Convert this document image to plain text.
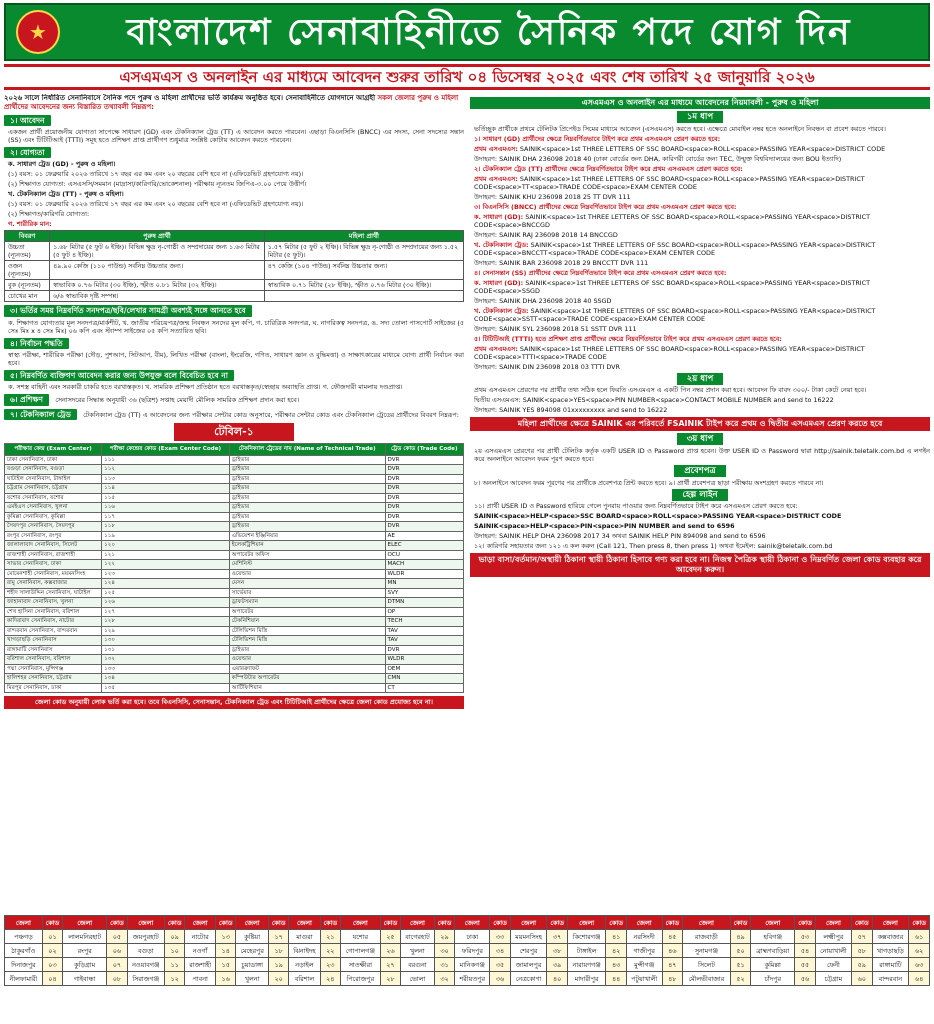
★	বাংলাদেশ সেনাবাহিনীতে সৈনিক পদে যোগ দিন
এসএমএস ও অনলাইন এর মাধ্যমে আবেদন শুরুর তারিখ ০৪ ডিসেম্বর ২০২৫ এবং শেষ তারিখ ২৫ জানুয়ারি ২০২৬
২০২৬ সালে নির্ধারিত সেনানিবাসে সৈনিক পদে পুরুষ ও মহিলা প্রার্থীদের ভর্তি কার্যক্রম অনুষ্ঠিত হবে। সেনাবাহিনীতে যোগদানে আগ্রহী সকল জেলার পুরুষ ও মহিলা প্রার্থীদের আবেদনের জন্য বিস্তারিত তথ্যাবলী নিম্নরূপ:
১। আবেদন
একজন প্রার্থী প্রয়োজনীয় যোগ্যতা সাপেক্ষে সাধারণ (GD) এবং টেকনিক্যাল ট্রেড (TT) এ আবেদন করতে পারবেন। এছাড়া বিএনসিসি (BNCC) এর সদস্য, সেনা সদস্যের সন্তান (SS) এবং টিটিটিআই (TTTI) সমূহ হতে প্রশিক্ষণ প্রাপ্ত প্রার্থীগণ শুধুমাত্র সংশ্লিষ্ট কোটায় আবেদন করতে পারবেন।
২। যোগ্যতা
ক. সাধারণ ট্রেড (GD) - পুরুষ ও মহিলা।
(১) বয়স: ০১ ফেব্রুয়ারি ২০২৬ তারিখে ১৭ বছর এর কম এবং ২০ বছরের বেশি হবে না (এফিডেভিট গ্রহণযোগ্য নয়)।
(২) শিক্ষাগত যোগ্যতা: এসএসসি/সমমান (মাদ্রাসা/কারিগরি/ভোকেশনাল) পরীক্ষায় ন্যূনতম জিপিএ-৩.০০ পেয়ে উত্তীর্ণ।
খ. টেকনিক্যাল ট্রেড (TT) - পুরুষ ও মহিলা।
(১) বয়স: ০১ ফেব্রুয়ারি ২০২৬ তারিখে ১৭ বছর এর কম এবং ২০ বছরের বেশি হবে না (এফিডেভিট গ্রহণযোগ্য নয়)।
(২) শিক্ষাগত/কারিগরি যোগ্যতা:
গ. শারীরিক মান:
বিবরণ	পুরুষ প্রার্থী	মহিলা প্রার্থী
উচ্চতা (ন্যূনতম)	১.৬৮ মিটার (৫ ফুট ৬ ইঞ্চি)। বিভিন্ন ক্ষুদ্র নৃ-গোষ্ঠী ও সম্প্রদায়ের জন্য ১.৬৩ মিটার (৫ ফুট ৪ ইঞ্চি)।	১.৫৭ মিটার (৫ ফুট ২ ইঞ্চি)। বিভিন্ন ক্ষুদ্র নৃ-গোষ্ঠী ও সম্প্রদায়ের জন্য ১.৫২ মিটার (৫ ফুট)।
ওজন (ন্যূনতম)	৪৯.৯০ কেজি (১১০ পাউন্ড) সর্বনিম্ন উচ্চতার জন্য।	৪৭ কেজি (১০৪ পাউন্ড) সর্বনিম্ন উচ্চতার জন্য।
বুক (ন্যূনতম)	স্বাভাবিক ০.৭৬ মিটার (৩০ ইঞ্চি), স্ফীত ০.৮১ মিটার (৩২ ইঞ্চি)।	স্বাভাবিক ০.৭১ মিটার (২৮ ইঞ্চি), স্ফীত ০.৭৬ মিটার (৩০ ইঞ্চি)।
চোখের মান	৬/৬ স্বাভাবিক দৃষ্টি সম্পন্ন।	
৩। ভর্তির সময় নিম্নবর্ণিত সনদপত্র/ছবি/লেখার সামগ্রী অবশ্যই সঙ্গে আনতে হবে
ক. শিক্ষাগত যোগ্যতার মূল সনদপত্র/মার্কশীট, খ. জাতীয় পরিচয়পত্র/জন্ম নিবন্ধন সনদের মূল কপি, গ. চারিত্রিক সনদপত্র, ঘ. নাগরিকত্ব সনদপত্র, ঙ. সদ্য তোলা পাসপোর্ট সাইজের (৫ সেঃ মিঃ x ৪ সেঃ মিঃ) ০৬ কপি এবং স্ট্যাম্প সাইজের ০৫ কপি সত্যায়িত ছবি।
৪। নির্বাচন পদ্ধতি
স্বাস্থ্য পরীক্ষা, শারীরিক পরীক্ষা (দৌড়, পুশআপ, সিটআপ, বীম), লিখিত পরীক্ষা (বাংলা, ইংরেজি, গণিত, সাধারণ জ্ঞান ও বুদ্ধিমত্তা) ও সাক্ষাৎকারের মাধ্যমে যোগ্য প্রার্থী নির্বাচন করা হবে।
৫। নিম্নবর্ণিত ব্যক্তিগণ আবেদন করার জন্য উপযুক্ত বলে বিবেচিত হবে না
ক. সশস্ত্র বাহিনী এবং সরকারী চাকরি হতে বরখাস্তকৃত। খ. সামরিক প্রশিক্ষণ প্রতিষ্ঠান হতে বরখাস্তকৃত/স্বেচ্ছায় অব্যাহতি প্রাপ্ত। গ. ফৌজদারী মামলায় দণ্ডপ্রাপ্ত।
৬। প্রশিক্ষণ সেনাসদরের সিদ্ধান্ত অনুযায়ী ৩৬ (ছত্রিশ) সপ্তাহ মেয়াদী মৌলিক সামরিক প্রশিক্ষণ প্রদান করা হবে।
৭। টেকনিক্যাল ট্রেড টেকনিক্যাল ট্রেড (TT) এ আবেদনের জন্য পরীক্ষার সেন্টার কোড অনুসারে, পরীক্ষার সেন্টার কোড এবং টেকনিক্যাল ট্রেডের প্রার্থীদের বিবরণ নিম্নরূপ:
টেবিল-১
পরীক্ষার কেন্দ্র (Exam Center)	পরীক্ষা কেন্দ্রের কোড (Exam Center Code)	টেকনিক্যাল ট্রেডের নাম (Name of Technical Trade)	ট্রেড কোড (Trade Code)
ঢাকা সেনানিবাস, ঢাকা	১১১	ড্রাইভার	DVR
বগুড়া সেনানিবাস, বগুড়া	১১২	ড্রাইভার	DVR
ঘাটাইল সেনানিবাস, টাঙ্গাইল	১১৩	ড্রাইভার	DVR
চট্টগ্রাম সেনানিবাস, চট্টগ্রাম	১১৪	ড্রাইভার	DVR
যশোর সেনানিবাস, যশোর	১১৫	ড্রাইভার	DVR
এমইএস সেনানিবাস, খুলনা	১১৬	ড্রাইভার	DVR
কুমিল্লা সেনানিবাস, কুমিল্লা	১১৭	ড্রাইভার	DVR
সৈয়দপুর সেনানিবাস, সৈয়দপুর	১১৮	ড্রাইভার	DVR
রংপুর সেনানিবাস, রংপুর	১১৯	এভিয়েশন ইঞ্জিনিয়ার	AE
জালালাবাদ সেনানিবাস, সিলেট	১২০	ইলেকট্রিশিয়ান	ELEC
রাজশাহী সেনানিবাস, রাজশাহী	১২১	অপারেটর অফিস	OCU
সাভার সেনানিবাস, ঢাকা	১২২	মেশিনিস্ট	MACH
মোমেনশাহী সেনানিবাস, ময়মনসিংহ	১২৩	ওয়েল্ডার	WLDR
রামু সেনানিবাস, কক্সবাজার	১২৪	মেসন	MN
শহীদ সালাউদ্দিন সেনানিবাস, ঘাটাইল	১২৫	সার্ভেয়ার	SVY
জাহানাবাদ সেনানিবাস, খুলনা	১২৬	ড্রাফটসম্যান	DTMN
শেখ হাসিনা সেনানিবাস, বরিশাল	১২৭	অপারেটর	OP
কাদিরাবাদ সেনানিবাস, নাটোর	১২৮	টেকনিশিয়ান	TECH
বান্দরবান সেনানিবাস, বান্দরবান	১২৯	টেলিভিশন মিস্ত্রি	TAV
খাগড়াছড়ি সেনানিবাস	১৩০	টেলিভিশন মিস্ত্রি	TAV
রাঙ্গামাটি সেনানিবাস	১৩১	ড্রাইভার	DVR
বরিশাল সেনানিবাস, বরিশাল	১৩২	ওয়েল্ডার	WLDR
পদ্মা সেনানিবাস, মুন্সিগঞ্জ	১৩৩	এয়ারক্র্যাফট	OEM
হালিশহর সেনানিবাস, চট্টগ্রাম	১৩৪	কম্পিউটার অপারেটর	CMN
মিরপুর সেনানিবাস, ঢাকা	১৩৫	আর্টিফিশিয়ান	CT
জেলা কোড অনুযায়ী লোক ভর্তি করা হবে। তবে বিএনসিসি, সেনাসন্তান, টেকনিক্যাল ট্রেড এবং টিটিটিআই প্রার্থীদের ক্ষেত্রে জেলা কোড প্রযোজ্য হবে না।
এসএমএস ও অনলাইন এর মাধ্যমে আবেদনের নিয়মাবলী - পুরুষ ও মহিলা
১ম ধাপ
ভর্তিচ্ছুক প্রার্থীকে প্রথমে টেলিটক প্রিপেইড সিমের মাধ্যমে আবেদন (এসএমএস) করতে হবে। এক্ষেত্রে মোবাইল নম্বর হতে অনলাইনে নিবন্ধন বা প্রবেশ করতে পারবে।
১। সাধারণ (GD) প্রার্থীদের ক্ষেত্রে নিম্নবর্ণিতভাবে টাইপ করে প্রথম এসএমএস প্রেরণ করতে হবে:
প্রথম এসএমএস: SAINIK<space>1st THREE LETTERS OF SSC BOARD<space>ROLL<space>PASSING YEAR<space>DISTRICT CODE
উদাহরণ: SAINIK DHA 236098 2018 40 (ঢাকা বোর্ডের জন্য DHA, কারিগরী বোর্ডের জন্য TEC, উন্মুক্ত বিশ্ববিদ্যালয়ের জন্য BOU ইত্যাদি)
২। টেকনিক্যাল ট্রেড (TT) প্রার্থীদের ক্ষেত্রে নিম্নবর্ণিতভাবে টাইপ করে প্রথম এসএমএস প্রেরণ করতে হবে:
প্রথম এসএমএস: SAINIK<space>1st THREE LETTERS OF SSC BOARD<space>ROLL<space>PASSING YEAR<space>DISTRICT CODE<space>TT<space>TRADE CODE<space>EXAM CENTER CODE
উদাহরণ: SAINIK KHU 236098 2018 25 TT DVR 111
৩। বিএনসিসি (BNCC) প্রার্থীদের ক্ষেত্রে নিম্নবর্ণিতভাবে টাইপ করে প্রথম এসএমএস প্রেরণ করতে হবে:
ক. সাধারণ (GD): SAINIK<space>1st THREE LETTERS OF SSC BOARD<space>ROLL<space>PASSING YEAR<space>DISTRICT CODE<space>BNCCGD
উদাহরণ: SAINIK RAJ 236098 2018 14 BNCCGD
খ. টেকনিক্যাল ট্রেড: SAINIK<space>1st THREE LETTERS OF SSC BOARD<space>ROLL<space>PASSING YEAR<space>DISTRICT CODE<space>BNCCTT<space>TRADE CODE<space>EXAM CENTER CODE
উদাহরণ: SAINIK BAR 236098 2018 29 BNCCTT DVR 111
৪। সেনাসন্তান (SS) প্রার্থীদের ক্ষেত্রে নিম্নবর্ণিতভাবে টাইপ করে প্রথম এসএমএস প্রেরণ করতে হবে:
ক. সাধারণ (GD): SAINIK<space>1st THREE LETTERS OF SSC BOARD<space>ROLL<space>PASSING YEAR<space>DISTRICT CODE<space>SSGD
উদাহরণ: SAINIK DHA 236098 2018 40 SSGD
খ. টেকনিক্যাল ট্রেড: SAINIK<space>1st THREE LETTERS OF SSC BOARD<space>ROLL<space>PASSING YEAR<space>DISTRICT CODE<space>SSTT<space>TRADE CODE<space>EXAM CENTER CODE
উদাহরণ: SAINIK SYL 236098 2018 51 SSTT DVR 111
৫। টিটিটিআই (TTTI) হতে প্রশিক্ষণ প্রাপ্ত প্রার্থীদের ক্ষেত্রে নিম্নবর্ণিতভাবে টাইপ করে প্রথম এসএমএস প্রেরণ করতে হবে:
প্রথম এসএমএস: SAINIK<space>1st THREE LETTERS OF SSC BOARD<space>ROLL<space>PASSING YEAR<space>DISTRICT CODE<space>TTTI<space>TRADE CODE
উদাহরণ: SAINIK DIN 236098 2018 03 TTTI DVR
২য় ধাপ
প্রথম এসএমএস প্রেরণের পর প্রার্থীর তথ্য সঠিক হলে ফিরতি এসএমএস এ একটি পিন নম্বর প্রদান করা হবে। আবেদন ফি বাবদ ৩০০/- টাকা কেটে নেয়া হবে।
দ্বিতীয় এসএমএস: SAINIK<space>YES<space>PIN NUMBER<space>CONTACT MOBILE NUMBER and send to 16222
উদাহরণ: SAINIK YES 894098 01xxxxxxxxx and send to 16222
মহিলা প্রার্থীদের ক্ষেত্রে SAINIK এর পরিবর্তে FSAINIK টাইপ করে প্রথম ও দ্বিতীয় এসএমএস প্রেরণ করতে হবে
৩য় ধাপ
২য় এসএমএস প্রেরণের পর প্রার্থী টেলিটক কর্তৃক একটি USER ID ও Password প্রাপ্ত হবেন। উক্ত USER ID ও Password দ্বারা http://sainik.teletalk.com.bd এ লগইন করে অনলাইনে আবেদন ফরম পূরণ করতে হবে।
প্রবেশপত্র
৮। অনলাইনে আবেদন ফরম পূরণের পর প্রার্থীকে প্রবেশপত্র প্রিন্ট করতে হবে। ৯। প্রার্থী প্রবেশপত্র ছাড়া পরীক্ষায় অংশগ্রহণ করতে পারবে না।
হেল্প লাইন
১১। প্রার্থী USER ID ও Password হারিয়ে গেলে পুনরায় পাওয়ার জন্য নিম্নবর্ণিতভাবে টাইপ করে এসএমএস প্রেরণ করতে হবে:
SAINIK<space>HELP<space>SSC BOARD<space>ROLL<space>PASSING YEAR<space>DISTRICT CODE
SAINIK<space>HELP<space>PIN<space>PIN NUMBER and send to 6596
উদাহরণ: SAINIK HELP DHA 236098 2017 34 অথবা SAINIK HELP PIN 894098 and send to 6596
১২। কারিগরি সহায়তার জন্য ১২১ এ কল করুন (Call 121, Then press 8, then press 1) অথবা ইমেইল: sainik@teletalk.com.bd
ভাড়া বাসা/বর্তমান/অস্থায়ী ঠিকানা স্থায়ী ঠিকানা হিসাবে গণ্য করা হবে না। নিজস্ব পৈত্রিক স্থায়ী ঠিকানা ও নিম্নবর্ণিত জেলা কোড ব্যবহার করে আবেদন করুন।
জেলা	কোড	জেলা	কোড	জেলা	কোড	জেলা	কোড	জেলা	কোড	জেলা	কোড	জেলা	কোড	জেলা	কোড	জেলা	কোড	জেলা	কোড	জেলা	কোড	জেলা	কোড	জেলা	কোড	জেলা	কোড	জেলা	কোড	জেলা	কোড
পঞ্চগড়	০১	লালমনিরহাট	০৫	জয়পুরহাট	০৯	নাটোর	১৩	কুষ্টিয়া	১৭	মাগুরা	২১	যশোর	২৫	বাগেরহাট	২৯	ঢাকা	৩৩	ময়মনসিংহ	৩৭	কিশোরগঞ্জ	৪১	নরসিংদী	৪৫	রাজবাড়ী	৪৯	হবিগঞ্জ	৫৩	লক্ষ্মীপুর	৫৭	কক্সবাজার	৬১
ঠাকুরগাঁও	০২	রংপুর	০৬	বগুড়া	১০	নওগাঁ	১৪	মেহেরপুর	১৮	ঝিনাইদহ	২২	গোপালগঞ্জ	২৬	খুলনা	৩০	ফরিদপুর	৩৪	শেরপুর	৩৮	টাঙ্গাইল	৪২	গাজীপুর	৪৬	সুনামগঞ্জ	৫০	ব্রাহ্মণবাড়িয়া	৫৪	নোয়াখালী	৫৮	খাগড়াছড়ি	৬২
দিনাজপুর	০৩	কুড়িগ্রাম	০৭	নওয়াবগঞ্জ	১১	রাজশাহী	১৫	চুয়াডাঙ্গা	১৯	নড়াইল	২৩	সাতক্ষীরা	২৭	বরগুনা	৩১	মানিকগঞ্জ	৩৫	জামালপুর	৩৯	নারায়ণগঞ্জ	৪৩	মুন্সীগঞ্জ	৪৭	সিলেট	৫১	কুমিল্লা	৫৫	ফেনী	৫৯	রাঙ্গামাটি	৬৩
নীলফামারী	০৪	গাইবান্ধা	০৮	সিরাজগঞ্জ	১২	পাবনা	১৬	খুলনা	২০	বরিশাল	২৪	পিরোজপুর	২৮	ভোলা	৩২	শরীয়তপুর	৩৬	নেত্রকোণা	৪০	মাদারীপুর	৪৪	পটুয়াখালী	৪৮	মৌলভীবাজার	৫২	চাঁদপুর	৫৬	চট্টগ্রাম	৬০	বান্দরবান	৬৪
